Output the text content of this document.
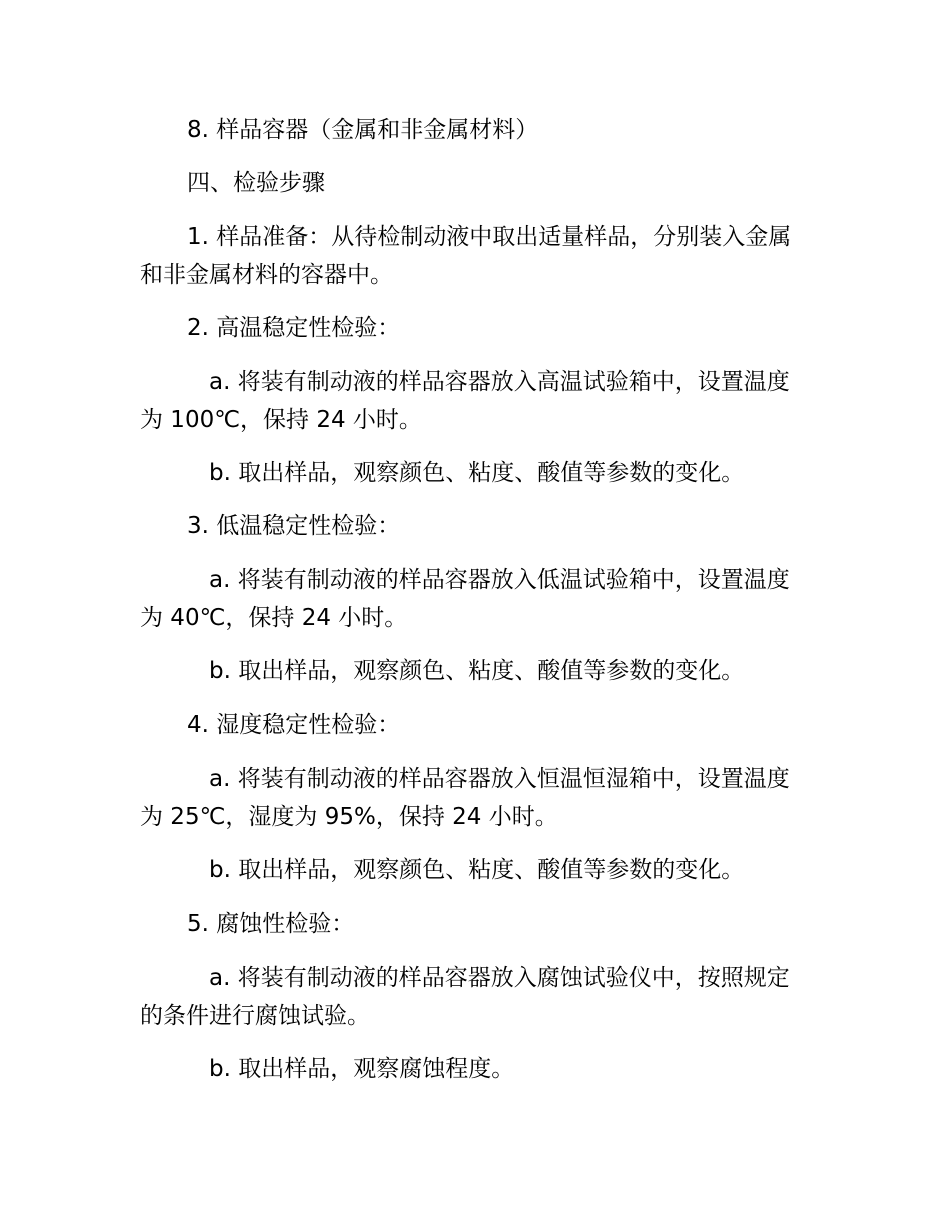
8. 样品容器（金属和非金属材料）

四、检验步骤

1. 样品准备：从待检制动液中取出适量样品，分别装入金属和非金属材料的容器中。

2. 高温稳定性检验：

a. 将装有制动液的样品容器放入高温试验箱中，设置温度为 100℃，保持 24 小时。

b. 取出样品，观察颜色、粘度、酸值等参数的变化。

3. 低温稳定性检验：

a. 将装有制动液的样品容器放入低温试验箱中，设置温度为 40℃，保持 24 小时。

b. 取出样品，观察颜色、粘度、酸值等参数的变化。

4. 湿度稳定性检验：

a. 将装有制动液的样品容器放入恒温恒湿箱中，设置温度为 25℃，湿度为 95%，保持 24 小时。

b. 取出样品，观察颜色、粘度、酸值等参数的变化。

5. 腐蚀性检验：

a. 将装有制动液的样品容器放入腐蚀试验仪中，按照规定的条件进行腐蚀试验。

b. 取出样品，观察腐蚀程度。
